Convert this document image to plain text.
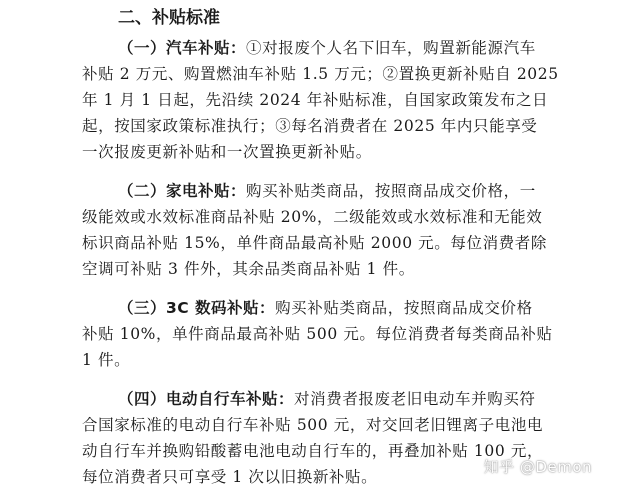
二、补贴标准
（一）汽车补贴：①对报废个人名下旧车，购置新能源汽车
补贴 2 万元、购置燃油车补贴 1.5 万元；②置换更新补贴自 2025
年 1 月 1 日起，先沿续 2024 年补贴标准，自国家政策发布之日
起，按国家政策标准执行；③每名消费者在 2025 年内只能享受
一次报废更新补贴和一次置换更新补贴。
（二）家电补贴：购买补贴类商品，按照商品成交价格，一
级能效或水效标准商品补贴 20%，二级能效或水效标准和无能效
标识商品补贴 15%，单件商品最高补贴 2000 元。每位消费者除
空调可补贴 3 件外，其余品类商品补贴 1 件。
（三）3C 数码补贴：购买补贴类商品，按照商品成交价格
补贴 10%，单件商品最高补贴 500 元。每位消费者每类商品补贴
1 件。
（四）电动自行车补贴：对消费者报废老旧电动车并购买符
合国家标准的电动自行车补贴 500 元，对交回老旧锂离子电池电
动自行车并换购铅酸蓄电池电动自行车的，再叠加补贴 100 元，
每位消费者只可享受 1 次以旧换新补贴。
知乎 @Demon
